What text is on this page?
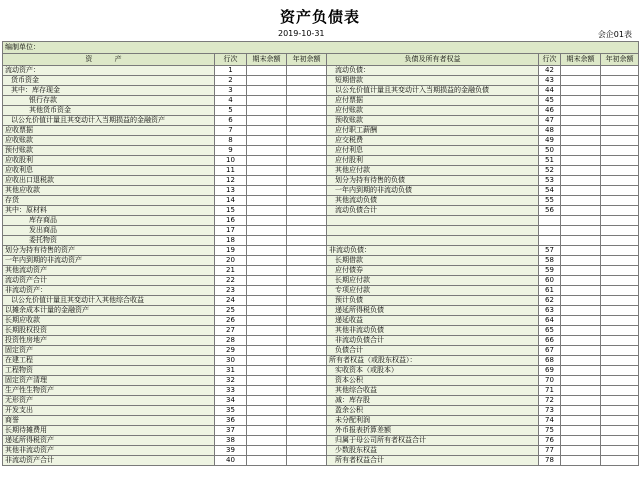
资产负债表
2019-10-31	会企01表
编制单位：							
资 产	行次	期末余额	年初余额	负债及所有者权益	行次	期末余额	年初余额
流动资产：	1			流动负债：	42		
货币资金	2			短期借款	43		
其中：库存现金	3			以公允价值计量且其变动计入当期损益的金融负债	44		
银行存款	4			应付票据	45		
其他货币资金	5			应付账款	46		
以公允价值计量且其变动计入当期损益的金融资产	6			预收账款	47		
应收票据	7			应付职工薪酬	48		
应收账款	8			应交税费	49		
预付账款	9			应付利息	50		
应收股利	10			应付股利	51		
应收利息	11			其他应付款	52		
应收出口退税款	12			划分为持有待售的负债	53		
其他应收款	13			一年内到期的非流动负债	54		
存货	14			其他流动负债	55		
其中：原材料	15			流动负债合计	56		
库存商品	16						
发出商品	17						
委托物资	18						
划分为持有待售的资产	19			非流动负债：	57		
一年内到期的非流动资产	20			长期借款	58		
其他流动资产	21			应付债券	59		
流动资产合计	22			长期应付款	60		
非流动资产：	23			专项应付款	61		
以公允价值计量且其变动计入其他综合收益	24			预计负债	62		
以摊余成本计量的金融资产	25			递延所得税负债	63		
长期应收款	26			递延收益	64		
长期股权投资	27			其他非流动负债	65		
投资性房地产	28			非流动负债合计	66		
固定资产	29			负债合计	67		
在建工程	30			所有者权益（或股东权益）：	68		
工程物资	31			实收资本（或股本）	69		
固定资产清理	32			资本公积	70		
生产性生物资产	33			其他综合收益	71		
无形资产	34			减：库存股	72		
开发支出	35			盈余公积	73		
商誉	36			未分配利润	74		
长期待摊费用	37			外币报表折算差额	75		
递延所得税资产	38			归属于母公司所有者权益合计	76		
其他非流动资产	39			少数股东权益	77		
非流动资产合计	40			所有者权益合计	78		
